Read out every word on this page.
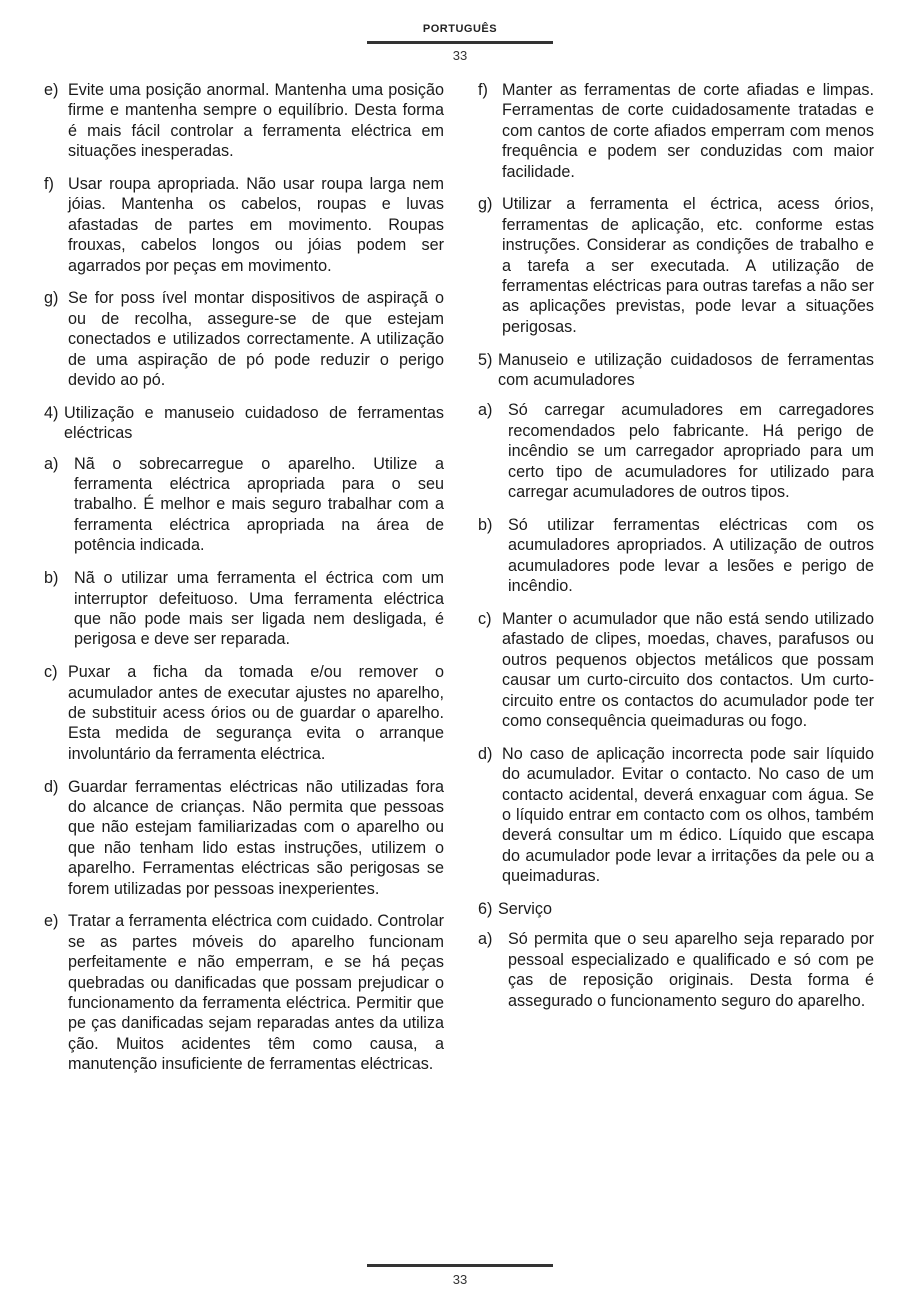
PORTUGUÊS
33
e) Evite uma posição anormal. Mantenha uma posição firme e mantenha sempre o equilíbrio. Desta forma é mais fácil controlar a ferramenta eléctrica em situações inesperadas.
f) Usar roupa apropriada. Não usar roupa larga nem jóias. Mantenha os cabelos, roupas e luvas afastadas de partes em movimento. Roupas frouxas, cabelos longos ou jóias podem ser agarrados por peças em movimento.
g) Se for poss ível montar dispositivos de aspiraçã o ou de recolha, assegure-se de que estejam conectados e utilizados correctamente. A utilização de uma aspiração de pó pode reduzir o perigo devido ao pó.
4) Utilização e manuseio cuidadoso de ferramentas eléctricas
a) Nã o sobrecarregue o aparelho. Utilize a ferramenta eléctrica apropriada para o seu trabalho. É melhor e mais seguro trabalhar com a ferramenta eléctrica apropriada na área de potência indicada.
b) Nã o utilizar uma ferramenta el éctrica com um interruptor defeituoso. Uma ferramenta eléctrica que não pode mais ser ligada nem desligada, é perigosa e deve ser reparada.
c) Puxar a ficha da tomada e/ou remover o acumulador antes de executar ajustes no aparelho, de substituir acess órios ou de guardar o aparelho. Esta medida de segurança evita o arranque involuntário da ferramenta eléctrica.
d) Guardar ferramentas eléctricas não utilizadas fora do alcance de crianças. Não permita que pessoas que não estejam familiarizadas com o aparelho ou que não tenham lido estas instruções, utilizem o aparelho. Ferramentas eléctricas são perigosas se forem utilizadas por pessoas inexperientes.
e) Tratar a ferramenta eléctrica com cuidado. Controlar se as partes móveis do aparelho funcionam perfeitamente e não emperram, e se há peças quebradas ou danificadas que possam prejudicar o funcionamento da ferramenta eléctrica. Permitir que pe ças danificadas sejam reparadas antes da utiliza ção. Muitos acidentes têm como causa, a manutenção insuficiente de ferramentas eléctricas.
f) Manter as ferramentas de corte afiadas e limpas. Ferramentas de corte cuidadosamente tratadas e com cantos de corte afiados emperram com menos frequência e podem ser conduzidas com maior facilidade.
g) Utilizar a ferramenta el éctrica, acess órios, ferramentas de aplicação, etc. conforme estas instruções. Considerar as condições de trabalho e a tarefa a ser executada. A utilização de ferramentas eléctricas para outras tarefas a não ser as aplicações previstas, pode levar a situações perigosas.
5) Manuseio e utilização cuidadosos de ferramentas com acumuladores
a) Só carregar acumuladores em carregadores recomendados pelo fabricante. Há perigo de incêndio se um carregador apropriado para um certo tipo de acumuladores for utilizado para carregar acumuladores de outros tipos.
b) Só utilizar ferramentas eléctricas com os acumuladores apropriados. A utilização de outros acumuladores pode levar a lesões e perigo de incêndio.
c) Manter o acumulador que não está sendo utilizado afastado de clipes, moedas, chaves, parafusos ou outros pequenos objectos metálicos que possam causar um curto-circuito dos contactos. Um curto-circuito entre os contactos do acumulador pode ter como consequência queimaduras ou fogo.
d) No caso de aplicação incorrecta pode sair líquido do acumulador. Evitar o contacto. No caso de um contacto acidental, deverá enxaguar com água. Se o líquido entrar em contacto com os olhos, também deverá consultar um m édico. Líquido que escapa do acumulador pode levar a irritações da pele ou a queimaduras.
6) Serviço
a) Só permita que o seu aparelho seja reparado por pessoal especializado e qualificado e só com pe ças de reposição originais. Desta forma é assegurado o funcionamento seguro do aparelho.
33
